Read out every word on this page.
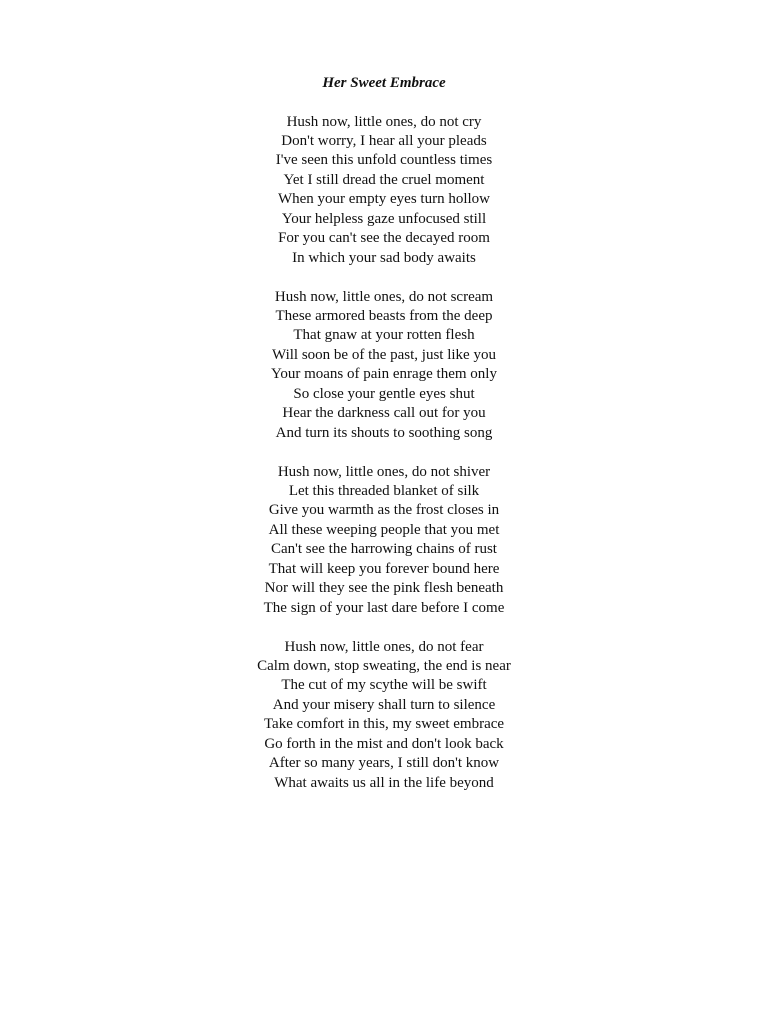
Her Sweet Embrace
Hush now, little ones, do not cry
Don't worry, I hear all your pleads
I've seen this unfold countless times
Yet I still dread the cruel moment
When your empty eyes turn hollow
Your helpless gaze unfocused still
For you can't see the decayed room
In which your sad body awaits
Hush now, little ones, do not scream
These armored beasts from the deep
That gnaw at your rotten flesh
Will soon be of the past, just like you
Your moans of pain enrage them only
So close your gentle eyes shut
Hear the darkness call out for you
And turn its shouts to soothing song
Hush now, little ones, do not shiver
Let this threaded blanket of silk
Give you warmth as the frost closes in
All these weeping people that you met
Can't see the harrowing chains of rust
That will keep you forever bound here
Nor will they see the pink flesh beneath
The sign of your last dare before I come
Hush now, little ones, do not fear
Calm down, stop sweating, the end is near
The cut of my scythe will be swift
And your misery shall turn to silence
Take comfort in this, my sweet embrace
Go forth in the mist and don't look back
After so many years, I still don't know
What awaits us all in the life beyond
